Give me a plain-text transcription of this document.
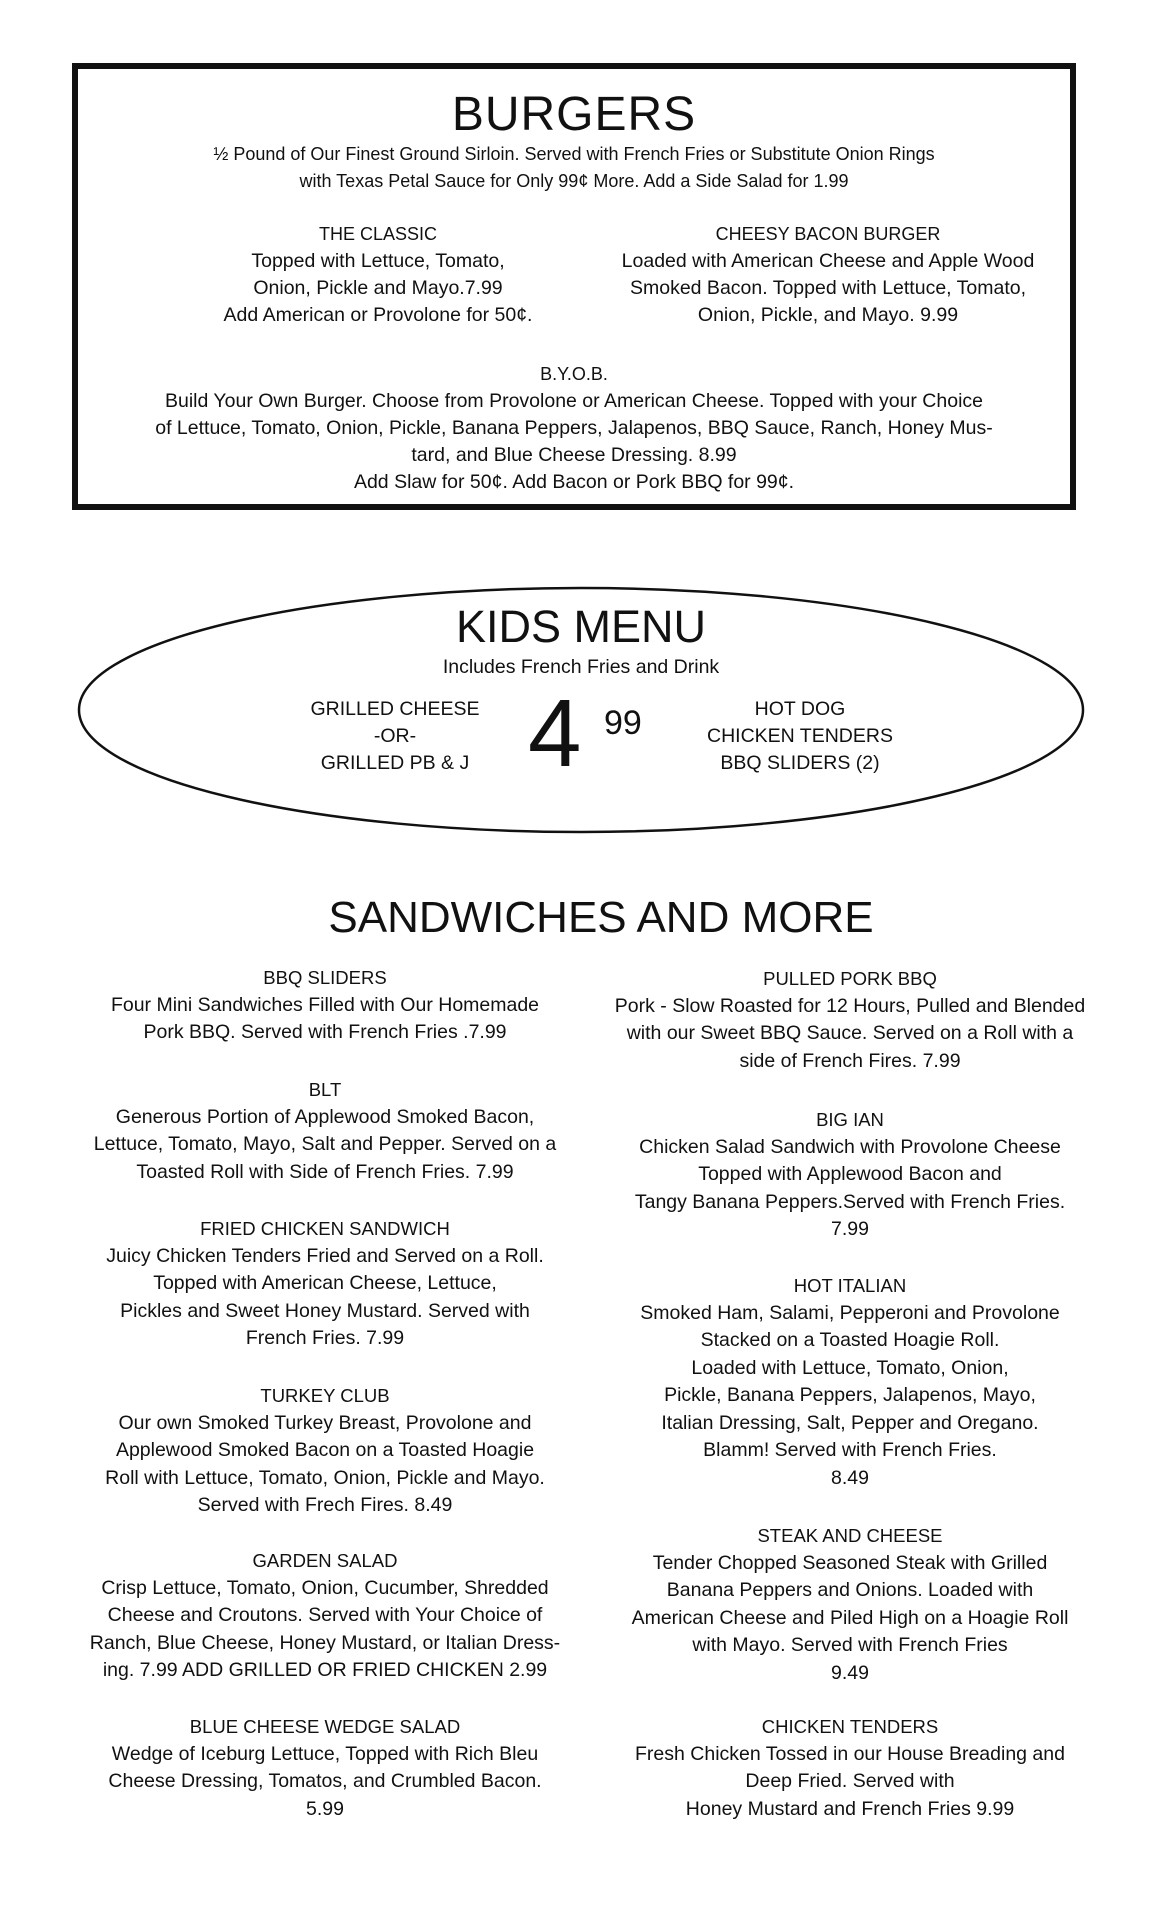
BURGERS
½ Pound of Our Finest Ground Sirloin. Served with French Fries or Substitute Onion Rings
with Texas Petal Sauce for Only 99¢ More. Add a Side Salad for 1.99
THE CLASSIC
Topped with Lettuce, Tomato,
Onion, Pickle and Mayo.7.99
Add American or Provolone for 50¢.
CHEESY BACON BURGER
Loaded with American Cheese and Apple Wood
Smoked Bacon. Topped with Lettuce, Tomato,
Onion, Pickle, and Mayo. 9.99
B.Y.O.B.
Build Your Own Burger. Choose from Provolone or American Cheese. Topped with your Choice
of Lettuce, Tomato, Onion, Pickle, Banana Peppers, Jalapenos, BBQ Sauce, Ranch, Honey Mus-
tard, and Blue Cheese Dressing. 8.99
Add Slaw for 50¢. Add Bacon or Pork BBQ for 99¢.
KIDS MENU
Includes French Fries and Drink
GRILLED CHEESE
-OR-
GRILLED PB & J 4 99	HOT DOG
CHICKEN TENDERS
BBQ SLIDERS (2)
SANDWICHES AND MORE
BBQ SLIDERS
Four Mini Sandwiches Filled with Our Homemade
Pork BBQ. Served with French Fries .7.99
BLT
Generous Portion of Applewood Smoked Bacon,
Lettuce, Tomato, Mayo, Salt and Pepper. Served on a
Toasted Roll with Side of French Fries. 7.99
FRIED CHICKEN SANDWICH
Juicy Chicken Tenders Fried and Served on a Roll.
Topped with American Cheese, Lettuce,
Pickles and Sweet Honey Mustard. Served with
French Fries. 7.99
TURKEY CLUB
Our own Smoked Turkey Breast, Provolone and
Applewood Smoked Bacon on a Toasted Hoagie
Roll with Lettuce, Tomato, Onion, Pickle and Mayo.
Served with Frech Fires. 8.49
GARDEN SALAD
Crisp Lettuce, Tomato, Onion, Cucumber, Shredded
Cheese and Croutons. Served with Your Choice of
Ranch, Blue Cheese, Honey Mustard, or Italian Dress-
ing. 7.99 ADD GRILLED OR FRIED CHICKEN 2.99
BLUE CHEESE WEDGE SALAD
Wedge of Iceburg Lettuce, Topped with Rich Bleu
Cheese Dressing, Tomatos, and Crumbled Bacon.
5.99
PULLED PORK BBQ
Pork - Slow Roasted for 12 Hours, Pulled and Blended
with our Sweet BBQ Sauce. Served on a Roll with a
side of French Fires. 7.99
BIG IAN
Chicken Salad Sandwich with Provolone Cheese
Topped with Applewood Bacon and
Tangy Banana Peppers.Served with French Fries.
7.99
HOT ITALIAN
Smoked Ham, Salami, Pepperoni and Provolone
Stacked on a Toasted Hoagie Roll.
Loaded with Lettuce, Tomato, Onion,
Pickle, Banana Peppers, Jalapenos, Mayo,
Italian Dressing, Salt, Pepper and Oregano.
Blamm! Served with French Fries.
8.49
STEAK AND CHEESE
Tender Chopped Seasoned Steak with Grilled
Banana Peppers and Onions. Loaded with
American Cheese and Piled High on a Hoagie Roll
with Mayo. Served with French Fries
9.49
CHICKEN TENDERS
Fresh Chicken Tossed in our House Breading and
Deep Fried. Served with
Honey Mustard and French Fries 9.99
